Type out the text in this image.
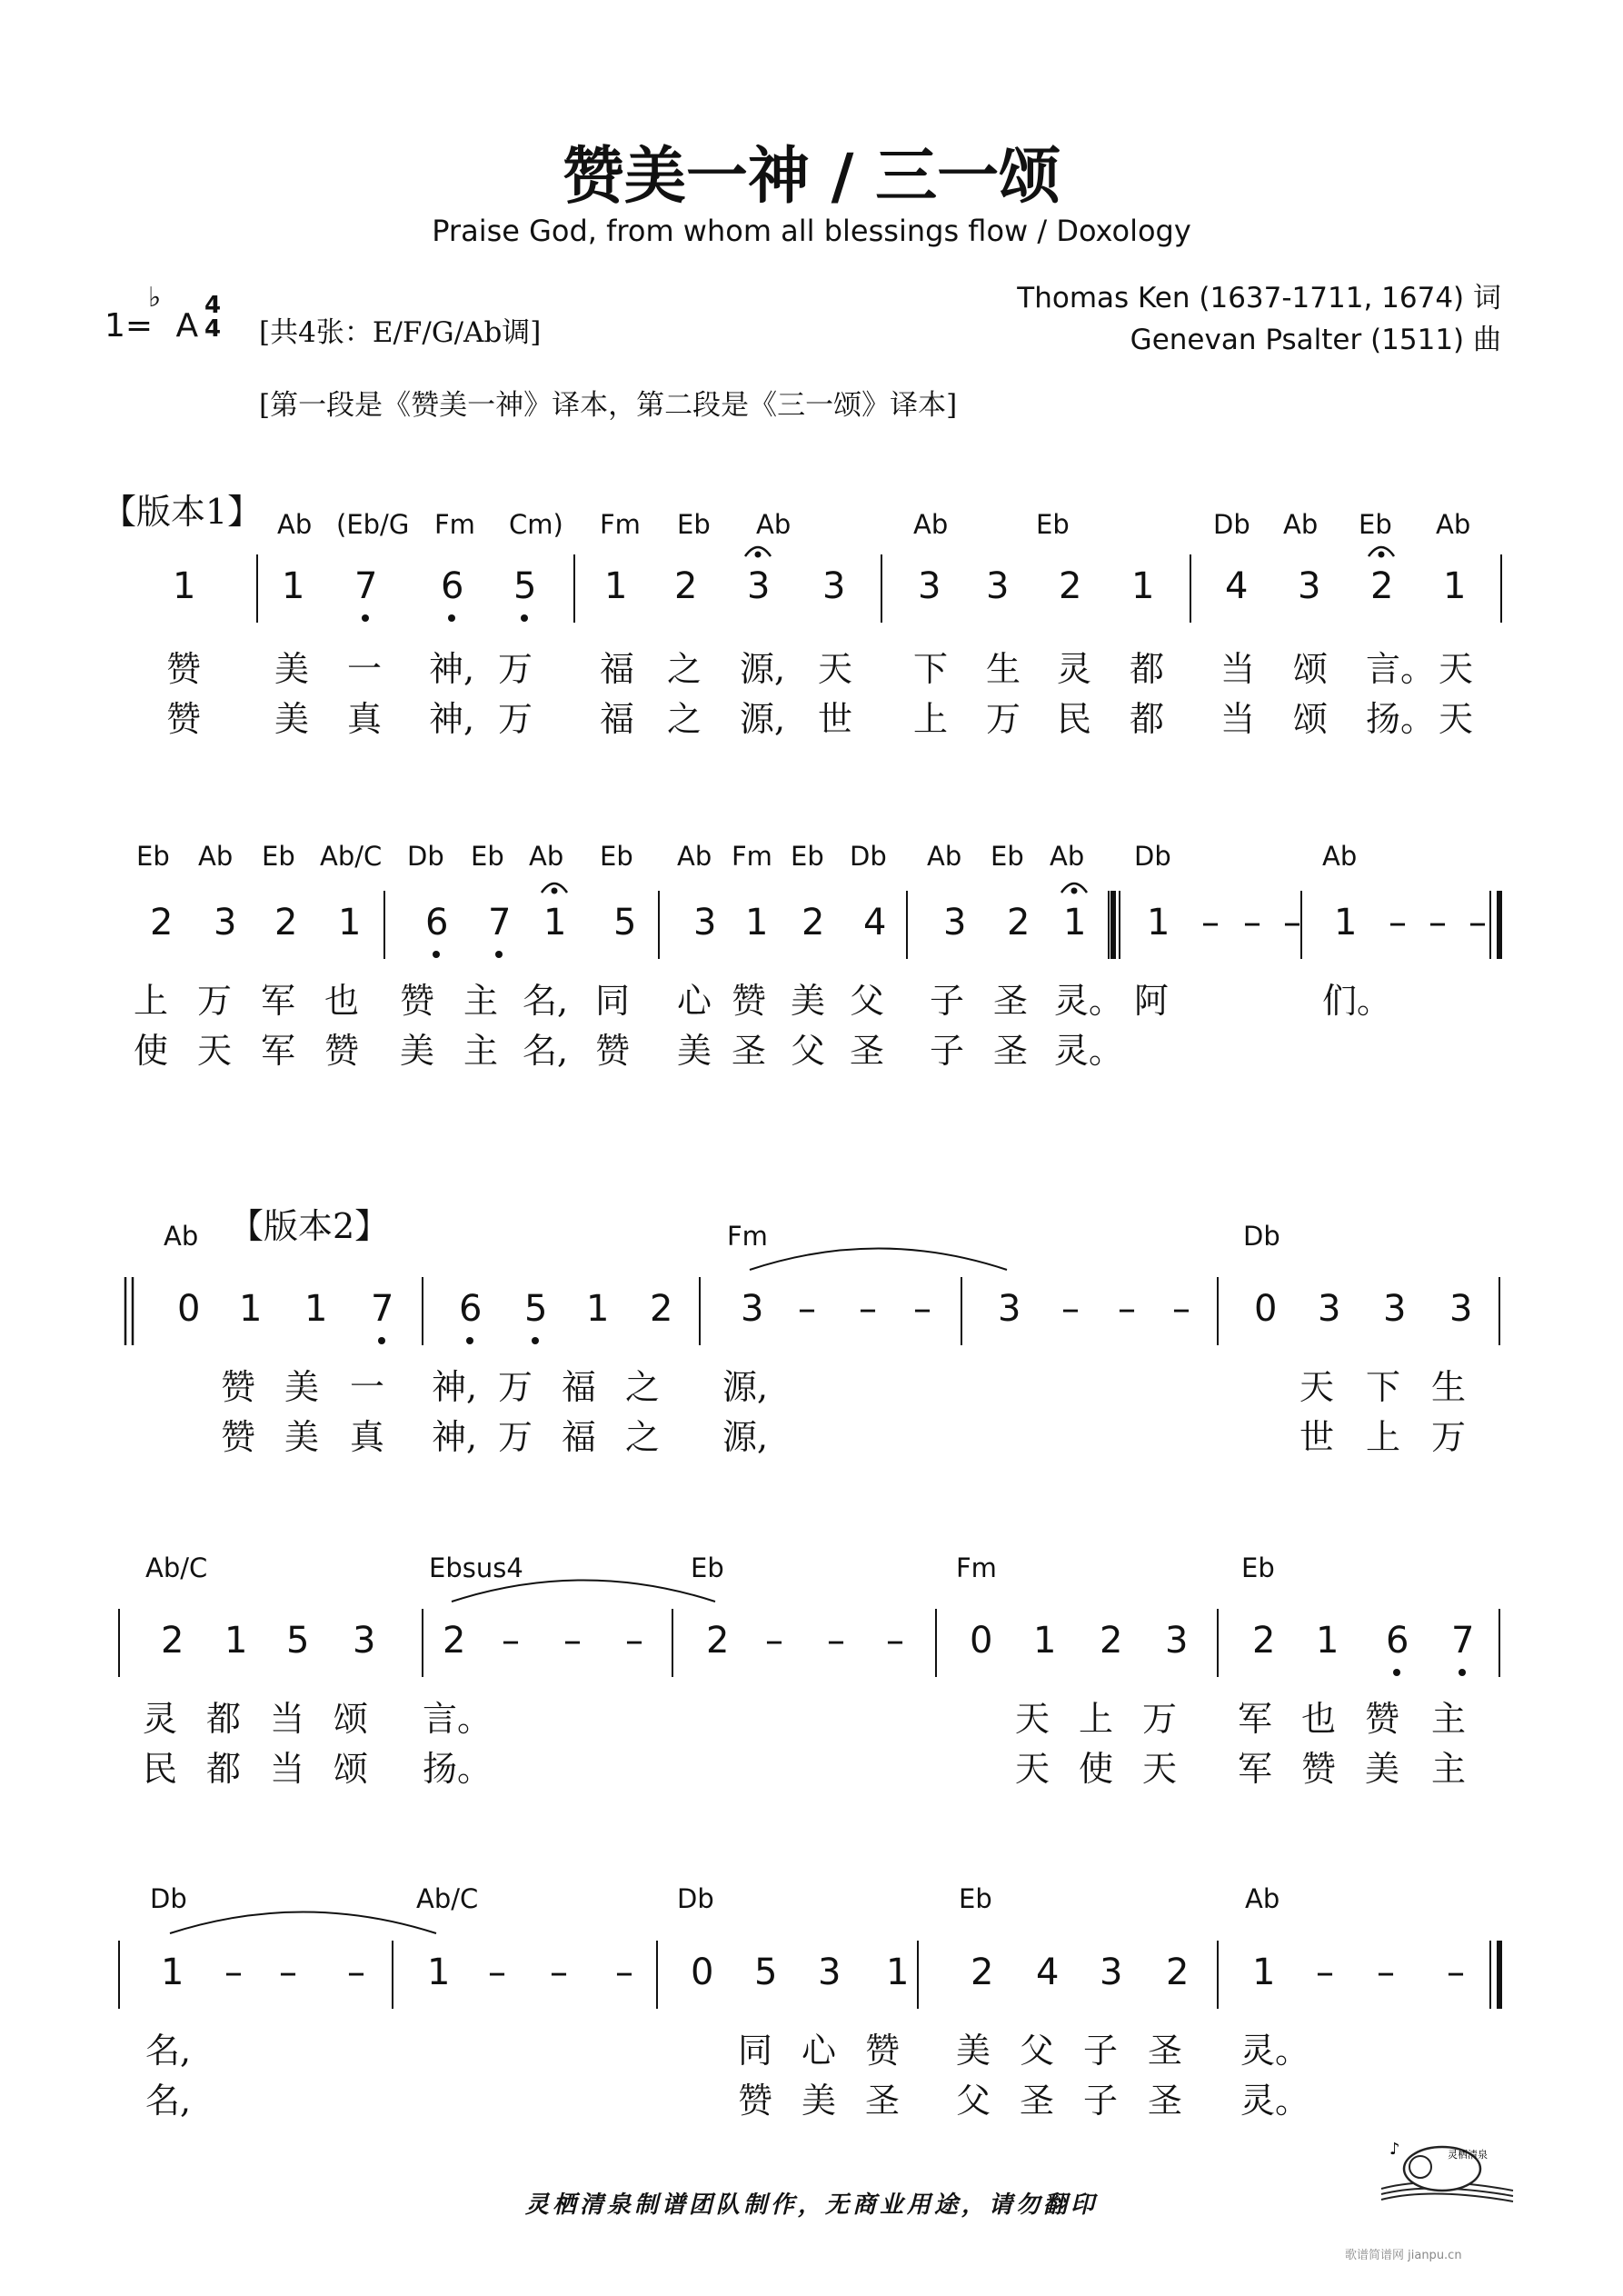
赞美一神 / 三一颂
Praise God, from whom all blessings flow / Doxology
Thomas Ken (1637-1711, 1674) 词
Genevan Psalter (1511) 曲
1=
♭
A
4
4 [共4张：E/F/G/Ab调]
[第一段是《赞美一神》译本，第二段是《三一颂》译本]
【版本1】
【版本2】
Ab (Eb/G Fm Cm) Fm Eb Ab	Ab	Eb	Db Ab Eb Ab
1 1 7 6 5 1 2 3 3 3 3 2 1 4 3 2 1
赞 美 一 神, 万 福 之 源, 天 下 生 灵 都 当 颂 言。 天
赞 美 真 神, 万 福 之 源, 世 上 万 民 都 当 颂 扬。 天
Eb Ab Eb Ab/C Db Eb Ab Eb Ab Fm Eb Db Ab Eb Ab Db	Ab
2 3 2 1 6 7 1 5 3 1 2 4 3 2 1 1 – – – 1 – – –
上 万 军 也 赞 主 名, 同 心 赞 美 父 子 圣 灵。 阿	们。
使 天 军 赞 美 主 名, 赞 美 圣 父 圣 子 圣 灵。
Ab	Fm	Db
0 1 1 7 6 5 1 2 3 – – – 3 – – – 0 3 3 3
赞 美 一 神, 万 福 之 源,	天 下 生
赞 美 真 神, 万 福 之 源,	世 上 万
Ab/C	Ebsus4	Eb	Fm	Eb
2 1 5 3 2 – – – 2 – – – 0 1 2 3 2 1 6 7
灵 都 当 颂 言。	天 上 万 军 也 赞 主
民 都 当 颂 扬。	天 使 天 军 赞 美 主
Db	Ab/C	Db	Eb	Ab
1 – – – 1 – – – 0 5 3 1 2 4 3 2 1 – – –
名,	同 心 赞 美 父 子 圣 灵。
名,	赞 美 圣 父 圣 子 圣 灵。
灵栖清泉制谱团队制作，无商业用途，请勿翻印
♪	灵栖清泉
歌谱简谱网 jianpu.cn
